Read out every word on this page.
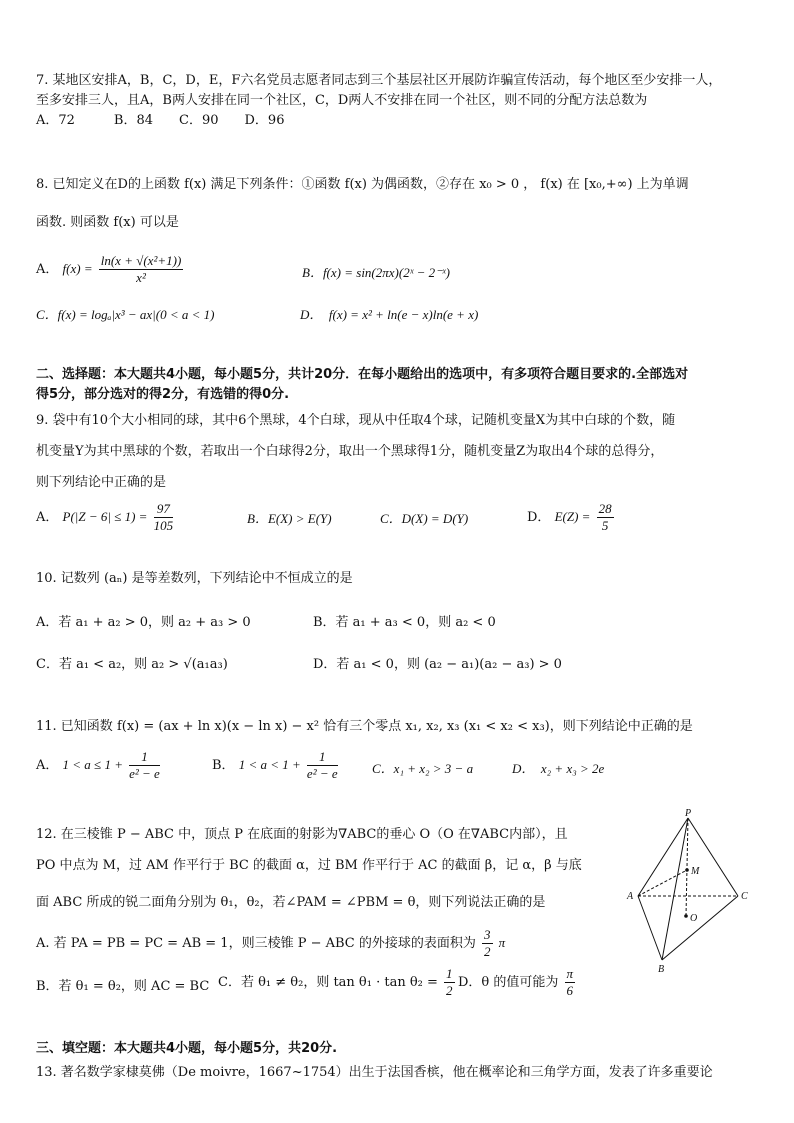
7. 某地区安排A，B，C，D，E，F六名党员志愿者同志到三个基层社区开展防诈骗宣传活动，每个地区至少安排一人，
至多安排三人，且A，B两人安排在同一个社区，C，D两人不安排在同一个社区，则不同的分配方法总数为
A．72　　　B．84　　C．90　　D．96
8. 已知定义在D的上函数 f(x) 满足下列条件：①函数 f(x) 为偶函数，②存在 x₀ > 0 ， f(x) 在 [x₀,+∞) 上为单调
函数. 则函数 f(x) 可以是
A． $f(x) = \frac{\text{ln(x + √(x²+1))}}{\text{x²}}$	B．f(x) = sin(2πx)(2ˣ − 2⁻ˣ)
C．f(x) = logₐ|x³ − ax|(0 < a < 1)	D．　f(x) = x² + ln(e − x)ln(e + x)
二、选择题：本大题共4小题，每小题5分，共计20分．在每小题给出的选项中，有多项符合题目要求的.全部选对
得5分，部分选对的得2分，有选错的得0分.
9. 袋中有10个大小相同的球，其中6个黑球，4个白球，现从中任取4个球，记随机变量X为其中白球的个数，随
机变量Y为其中黑球的个数，若取出一个白球得2分，取出一个黑球得1分，随机变量Z为取出4个球的总得分，
则下列结论中正确的是
A． $P(|Z - 6| \le 1) = \frac{97}{105}$	B．E(X) > E(Y)	C．D(X) = D(Y)	D． $E(Z) = \frac{28}{5}$
10. 记数列 (aₙ) 是等差数列，下列结论中不恒成立的是
A．若 a₁ + a₂ > 0，则 a₂ + a₃ > 0	B．若 a₁ + a₃ < 0，则 a₂ < 0
C．若 a₁ < a₂，则 a₂ > √(a₁a₃)	D．若 a₁ < 0，则 (a₂ − a₁)(a₂ − a₃) > 0
11. 已知函数 f(x) = (ax + ln x)(x − ln x) − x² 恰有三个零点 x₁, x₂, x₃ (x₁ < x₂ < x₃)，则下列结论中正确的是
A． $1 < a \le 1 + \frac{1}{\text{e² − e}}$	B． $1 < a < 1 + \frac{1}{\text{e² − e}}$	C．x₁ + x₂ > 3 − a	D．　x₂ + x₃ > 2e
12. 在三棱锥 P − ABC 中，顶点 P 在底面的射影为∇ABC的垂心 O（O 在∇ABC内部），且
PO 中点为 M，过 AM 作平行于 BC 的截面 α，过 BM 作平行于 AC 的截面 β，记 α，β 与底
面 ABC 所成的锐二面角分别为 θ₁，θ₂，若∠PAM = ∠PBM = θ，则下列说法正确的是
A. 若 PA = PB = PC = AB = 1，则三棱锥 P − ABC 的外接球的表面积为 $\frac{3}{2}$ π
B．若 θ₁ = θ₂，则 AC = BC C．若 θ₁ ≠ θ₂，则 $\tan \theta_1 \cdot \tan \theta_2 = \frac{1}{2}$ D．θ 的值可能为 $\frac{\pi}{6}$
P
A	C
B
M
O
三、填空题：本大题共4小题，每小题5分，共20分.
13. 著名数学家棣莫佛（De moivre，1667~1754）出生于法国香槟，他在概率论和三角学方面，发表了许多重要论
